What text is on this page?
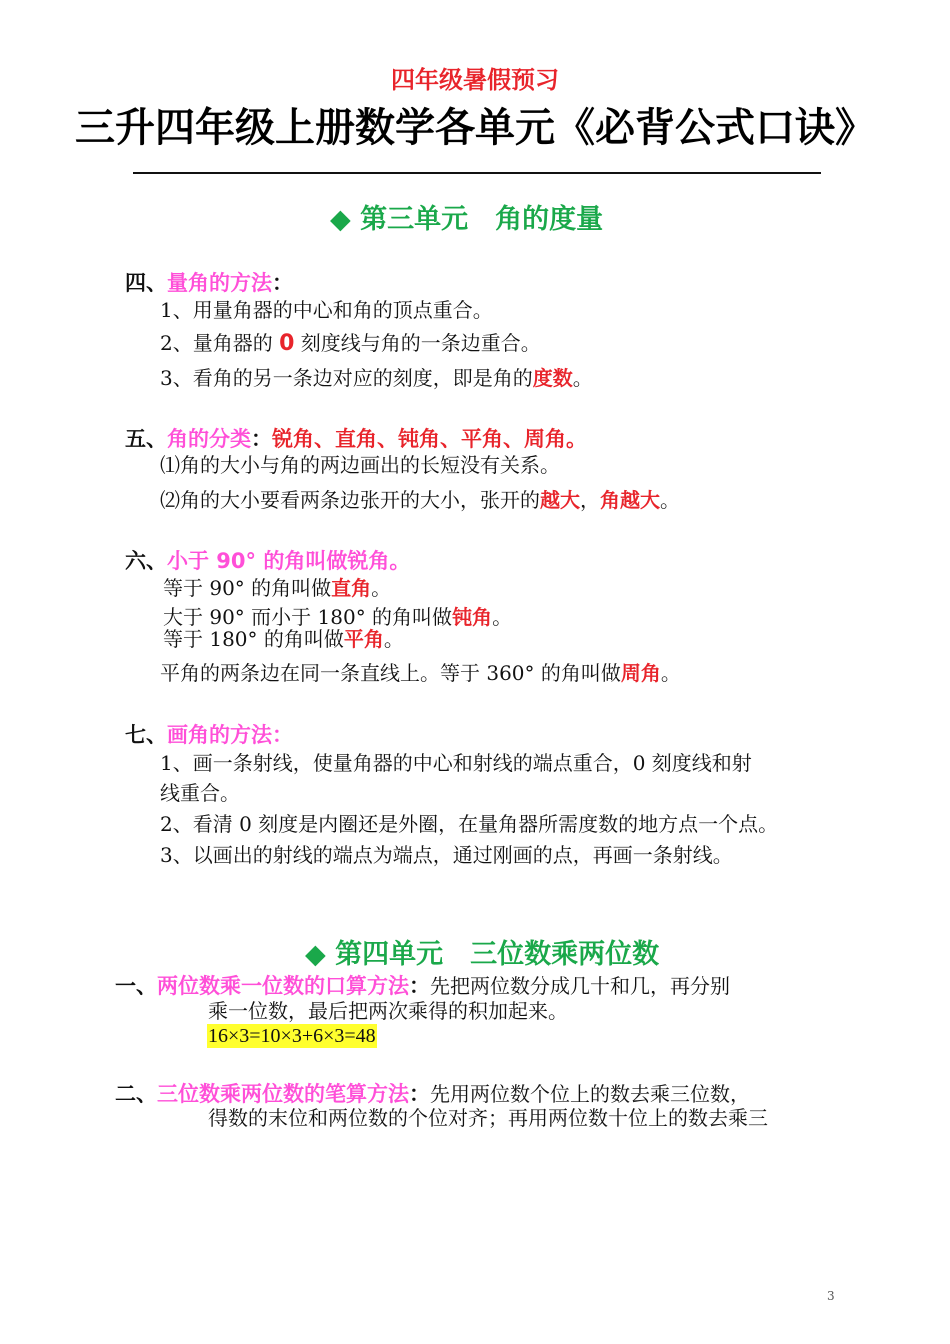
四年级暑假预习
三升四年级上册数学各单元《必背公式口诀》
◆ 第三单元　角的度量
四、量角的方法：
1、用量角器的中心和角的顶点重合。
2、量角器的 0 刻度线与角的一条边重合。
3、看角的另一条边对应的刻度，即是角的度数。
五、角的分类：锐角、直角、钝角、平角、周角。
⑴角的大小与角的两边画出的长短没有关系。
⑵角的大小要看两条边张开的大小，张开的越大，角越大。
六、小于 90° 的角叫做锐角。
等于 90° 的角叫做直角。
大于 90° 而小于 180° 的角叫做钝角。
等于 180° 的角叫做平角。
平角的两条边在同一条直线上。等于 360° 的角叫做周角。
七、画角的方法：
1、画一条射线，使量角器的中心和射线的端点重合，0 刻度线和射
线重合。
2、看清 0 刻度是内圈还是外圈，在量角器所需度数的地方点一个点。
3、以画出的射线的端点为端点，通过刚画的点，再画一条射线。
◆ 第四单元　三位数乘两位数
一、两位数乘一位数的口算方法：先把两位数分成几十和几，再分别
乘一位数，最后把两次乘得的积加起来。
16×3=10×3+6×3=48
二、三位数乘两位数的笔算方法：先用两位数个位上的数去乘三位数，
得数的末位和两位数的个位对齐；再用两位数十位上的数去乘三
3
